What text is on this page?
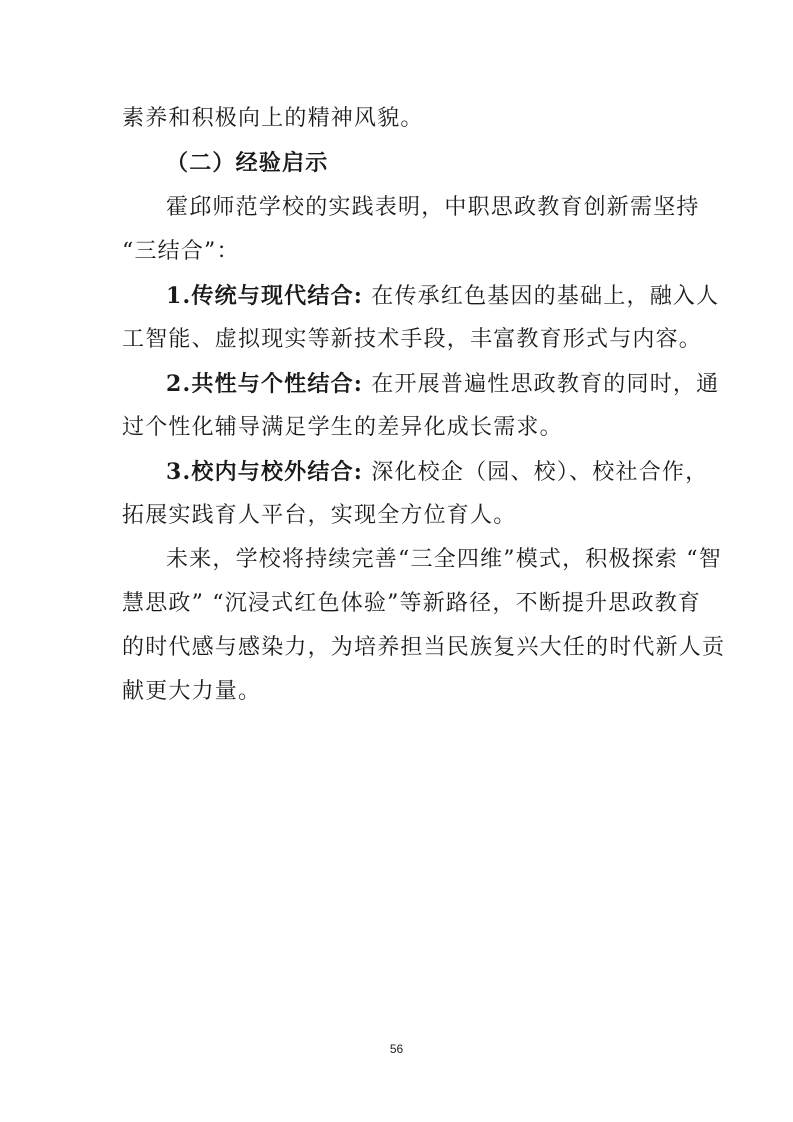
素养和积极向上的精神风貌。
（二）经验启示
霍邱师范学校的实践表明，中职思政教育创新需坚持
“三结合”：
1.传统与现代结合: 在传承红色基因的基础上，融入人
工智能、虚拟现实等新技术手段，丰富教育形式与内容。
2.共性与个性结合: 在开展普遍性思政教育的同时，通
过个性化辅导满足学生的差异化成长需求。
3.校内与校外结合: 深化校企（园、校）、校社合作，
拓展实践育人平台，实现全方位育人。
未来，学校将持续完善“三全四维”模式，积极探索 “智
慧思政” “沉浸式红色体验”等新路径，不断提升思政教育
的时代感与感染力，为培养担当民族复兴大任的时代新人贡
献更大力量。
56
